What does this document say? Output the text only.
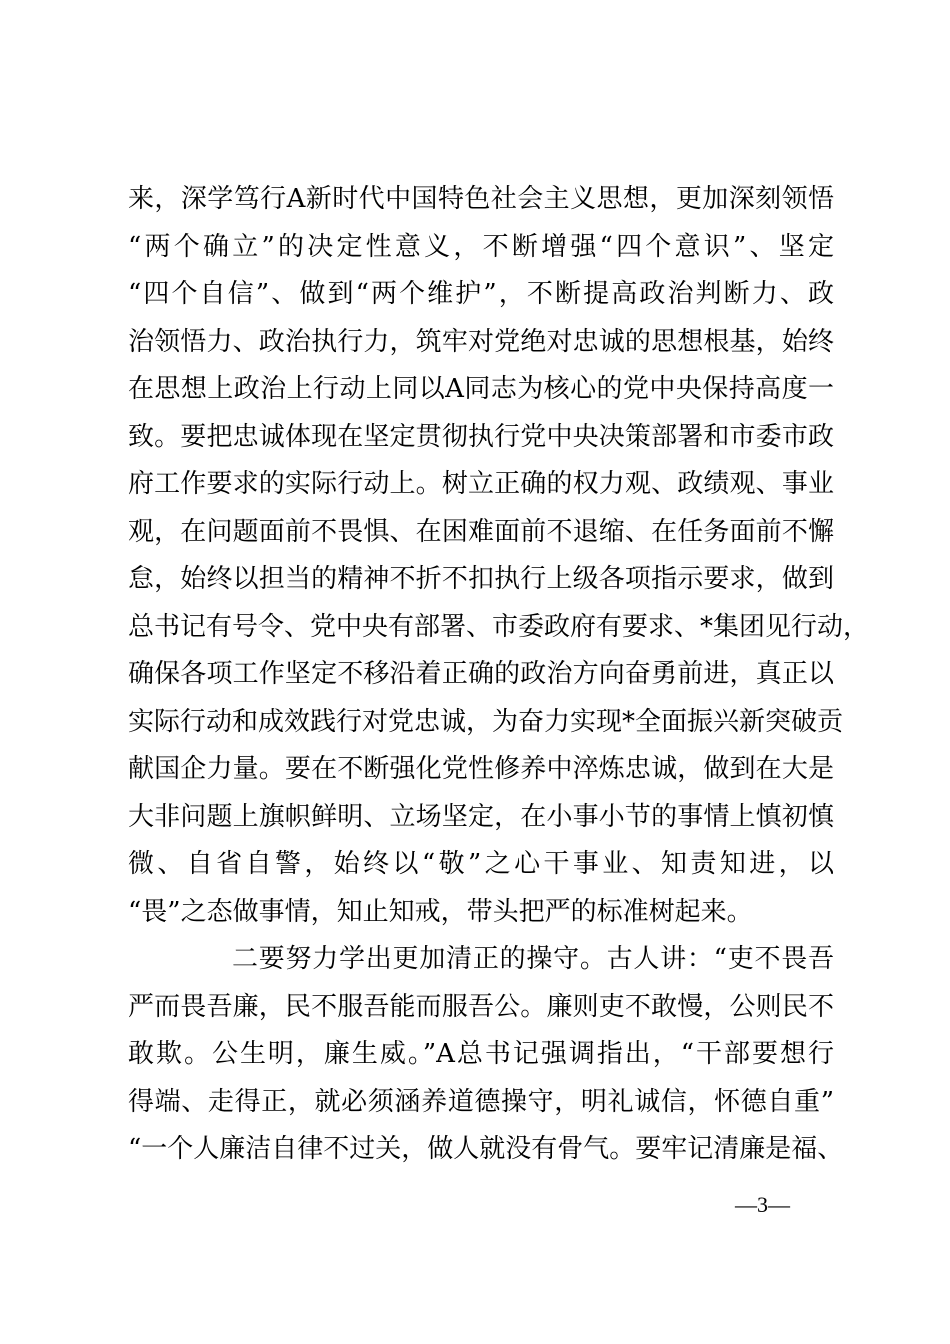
来，深学笃行A新时代中国特色社会主义思想，更加深刻领悟
“两个确立”的决定性意义，不断增强“四个意识”、坚定
“四个自信”、做到“两个维护”，不断提高政治判断力、政
治领悟力、政治执行力，筑牢对党绝对忠诚的思想根基，始终
在思想上政治上行动上同以A同志为核心的党中央保持高度一
致。要把忠诚体现在坚定贯彻执行党中央决策部署和市委市政
府工作要求的实际行动上。树立正确的权力观、政绩观、事业
观，在问题面前不畏惧、在困难面前不退缩、在任务面前不懈
怠，始终以担当的精神不折不扣执行上级各项指示要求，做到
总书记有号令、党中央有部署、市委政府有要求、*集团见行动，
确保各项工作坚定不移沿着正确的政治方向奋勇前进，真正以
实际行动和成效践行对党忠诚，为奋力实现*全面振兴新突破贡
献国企力量。要在不断强化党性修养中淬炼忠诚，做到在大是
大非问题上旗帜鲜明、立场坚定，在小事小节的事情上慎初慎
微、自省自警，始终以“敬”之心干事业、知责知进，以
“畏”之态做事情，知止知戒，带头把严的标准树起来。
二要努力学出更加清正的操守。古人讲：“吏不畏吾
严而畏吾廉，民不服吾能而服吾公。廉则吏不敢慢，公则民不
敢欺。公生明，廉生威。”A总书记强调指出，“干部要想行
得端、走得正，就必须涵养道德操守，明礼诚信，怀德自重”
“一个人廉洁自律不过关，做人就没有骨气。要牢记清廉是福、
—3—
